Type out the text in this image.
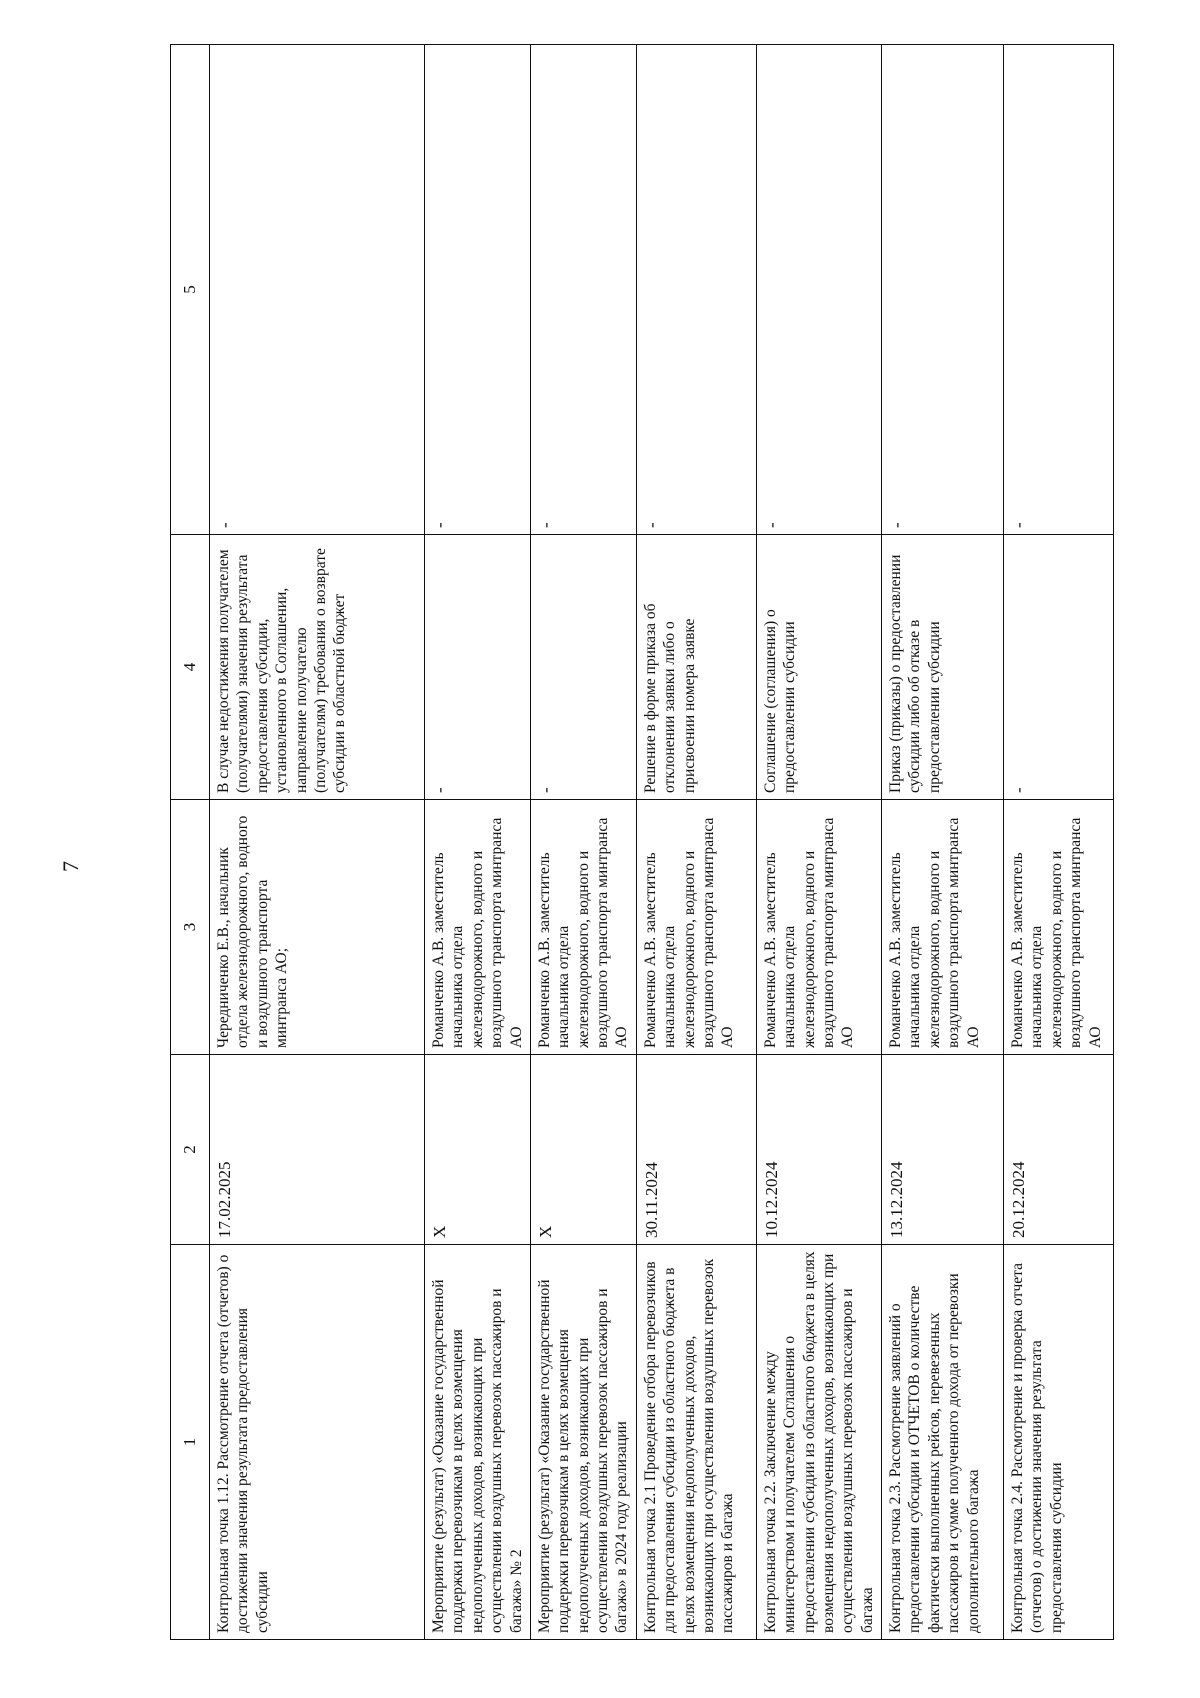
7
1	2	3	4	5
Контрольная точка 1.12. Рассмотрение отчета (отчетов) о достижении значения результата предоставления субсидии	17.02.2025	Чередниченко Е.В., начальник отдела железнодорожного, водного и воздушного транспорта минтранса АО;	В случае недостижения получателем (получателями) значения результата предоставления субсидии, установленного в Соглашении, направление получателю (получателям) требования о возврате субсидии в областной бюджет	-
Мероприятие (результат) «Оказание государственной поддержки перевозчикам в целях возмещения недополученных доходов, возникающих при осуществлении воздушных перевозок пассажиров и багажа» № 2	Х	Романченко А.В. заместитель начальника отдела железнодорожного, водного и воздушного транспорта минтранса АО	-	-
Мероприятие (результат) «Оказание государственной поддержки перевозчикам в целях возмещения недополученных доходов, возникающих при осуществлении воздушных перевозок пассажиров и багажа» в 2024 году реализации	Х	Романченко А.В. заместитель начальника отдела железнодорожного, водного и воздушного транспорта минтранса АО	-	-
Контрольная точка 2.1 Проведение отбора перевозчиков для предоставления субсидии из областного бюджета в целях возмещения недополученных доходов, возникающих при осуществлении воздушных перевозок пассажиров и багажа	30.11.2024	Романченко А.В. заместитель начальника отдела железнодорожного, водного и воздушного транспорта минтранса АО	Решение в форме приказа об отклонении заявки либо о присвоении номера заявке	-
Контрольная точка 2.2. Заключение между министерством и получателем Соглашения о предоставлении субсидии из областного бюджета в целях возмещения недополученных доходов, возникающих при осуществлении воздушных перевозок пассажиров и багажа	10.12.2024	Романченко А.В. заместитель начальника отдела железнодорожного, водного и воздушного транспорта минтранса АО	Соглашение (соглашения) о предоставлении субсидии	-
Контрольная точка 2.3. Рассмотрение заявлений о предоставлении субсидии и ОТЧЕТОВ о количестве фактически выполненных рейсов, перевезенных пассажиров и сумме полученного дохода от перевозки дополнительного багажа	13.12.2024	Романченко А.В. заместитель начальника отдела железнодорожного, водного и воздушного транспорта минтранса АО	Приказ (приказы) о предоставлении субсидии либо об отказе в предоставлении субсидии	-
Контрольная точка 2.4. Рассмотрение и проверка отчета (отчетов) о достижении значения результата предоставления субсидии	20.12.2024	Романченко А.В. заместитель начальника отдела железнодорожного, водного и воздушного транспорта минтранса АО	-	-
